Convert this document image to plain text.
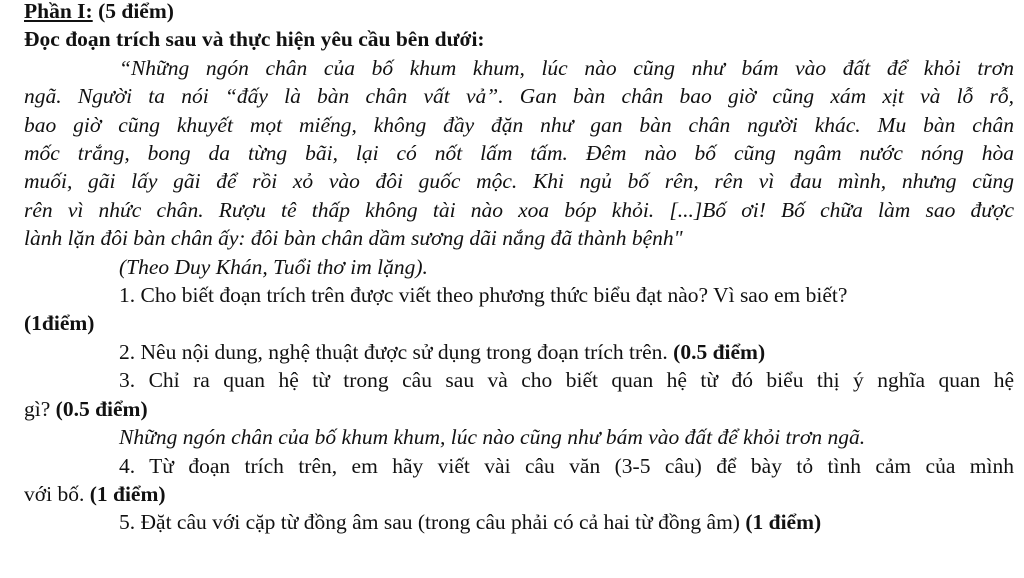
Phần I: (5 điểm)
Đọc đoạn trích sau và thực hiện yêu cầu bên dưới:
“Những ngón chân của bố khum khum, lúc nào cũng như bám vào đất để khỏi trơn
ngã. Người ta nói “đấy là bàn chân vất vả”. Gan bàn chân bao giờ cũng xám xịt và lỗ rỗ,
bao giờ cũng khuyết mọt miếng, không đầy đặn như gan bàn chân người khác. Mu bàn chân
mốc trắng, bong da từng bãi, lại có nốt lấm tấm. Đêm nào bố cũng ngâm nước nóng hòa
muối, gãi lấy gãi để rồi xỏ vào đôi guốc mộc. Khi ngủ bố rên, rên vì đau mình, nhưng cũng
rên vì nhức chân. Rượu tê thấp không tài nào xoa bóp khỏi. [...]Bố ơi! Bố chữa làm sao được
lành lặn đôi bàn chân ấy: đôi bàn chân dầm sương dãi nắng đã thành bệnh"
(Theo Duy Khán, Tuổi thơ im lặng).
1. Cho biết đoạn trích trên được viết theo phương thức biểu đạt nào? Vì sao em biết?
(1điểm)
2. Nêu nội dung, nghệ thuật được sử dụng trong đoạn trích trên. (0.5 điểm)
3. Chỉ ra quan hệ từ trong câu sau và cho biết quan hệ từ đó biểu thị ý nghĩa quan hệ
gì? (0.5 điểm)
Những ngón chân của bố khum khum, lúc nào cũng như bám vào đất để khỏi trơn ngã.
4. Từ đoạn trích trên, em hãy viết vài câu văn (3-5 câu) để bày tỏ tình cảm của mình
với bố. (1 điểm)
5. Đặt câu với cặp từ đồng âm sau (trong câu phải có cả hai từ đồng âm) (1 điểm)
